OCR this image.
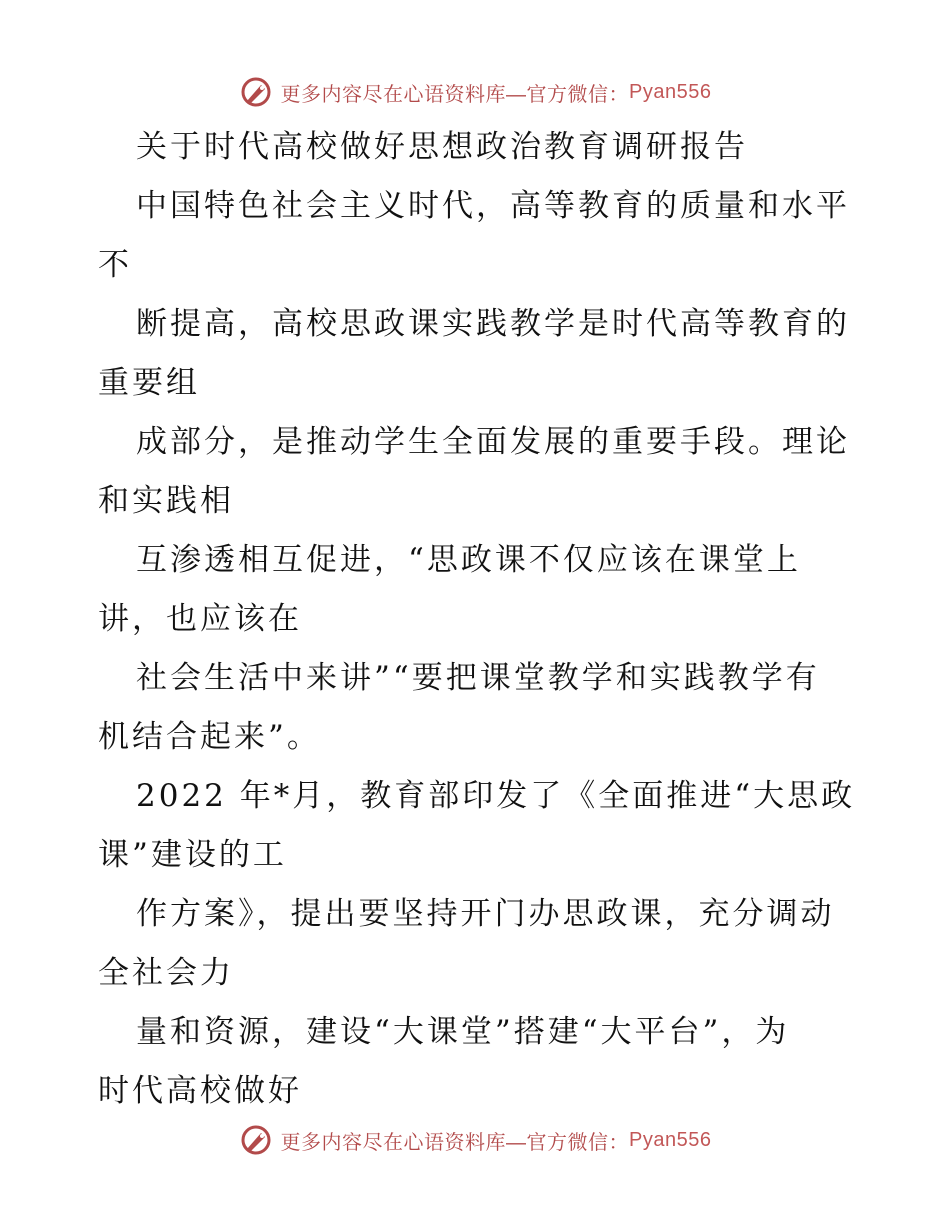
更多内容尽在心语资料库—官方微信： Pyan556
关于时代高校做好思想政治教育调研报告
中国特色社会主义时代，高等教育的质量和水平
不
断提高，高校思政课实践教学是时代高等教育的
重要组
成部分，是推动学生全面发展的重要手段。理论
和实践相
互渗透相互促进，“思政课不仅应该在课堂上
讲，也应该在
社会生活中来讲”“要把课堂教学和实践教学有
机结合起来”。
2022 年*月，教育部印发了《全面推进“大思政
课”建设的工
作方案》，提出要坚持开门办思政课，充分调动
全社会力
量和资源，建设“大课堂”搭建“大平台”，为
时代高校做好
更多内容尽在心语资料库—官方微信： Pyan556
